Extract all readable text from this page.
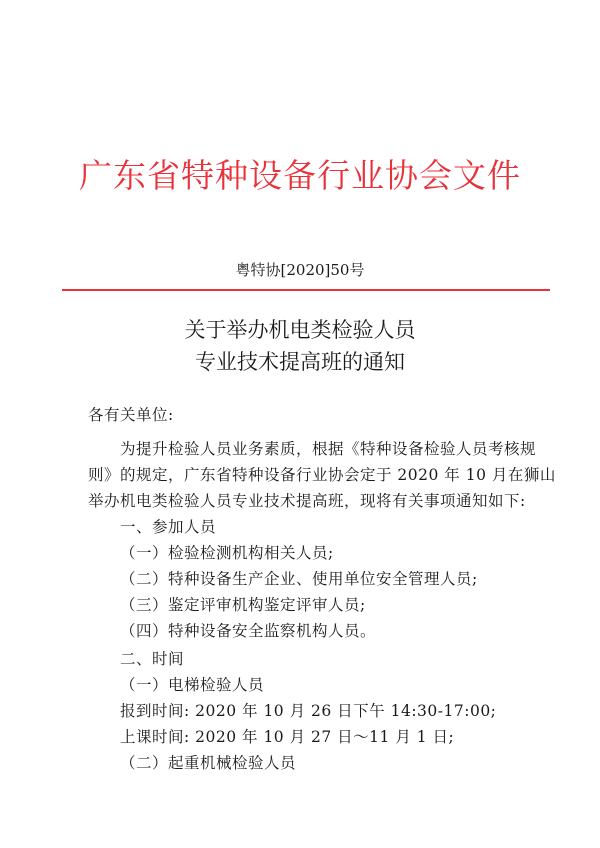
广东省特种设备行业协会文件
粤特协[2020]50号
关于举办机电类检验人员
专业技术提高班的通知
各有关单位:
为提升检验人员业务素质，根据《特种设备检验人员考核规
则》的规定，广东省特种设备行业协会定于 2020 年 10 月在狮山
举办机电类检验人员专业技术提高班，现将有关事项通知如下:
一、参加人员
（一）检验检测机构相关人员;
（二）特种设备生产企业、使用单位安全管理人员;
（三）鉴定评审机构鉴定评审人员;
（四）特种设备安全监察机构人员。
二、时间
（一）电梯检验人员
报到时间: 2020 年 10 月 26 日下午 14:30-17:00;
上课时间: 2020 年 10 月 27 日～11 月 1 日;
（二）起重机械检验人员
